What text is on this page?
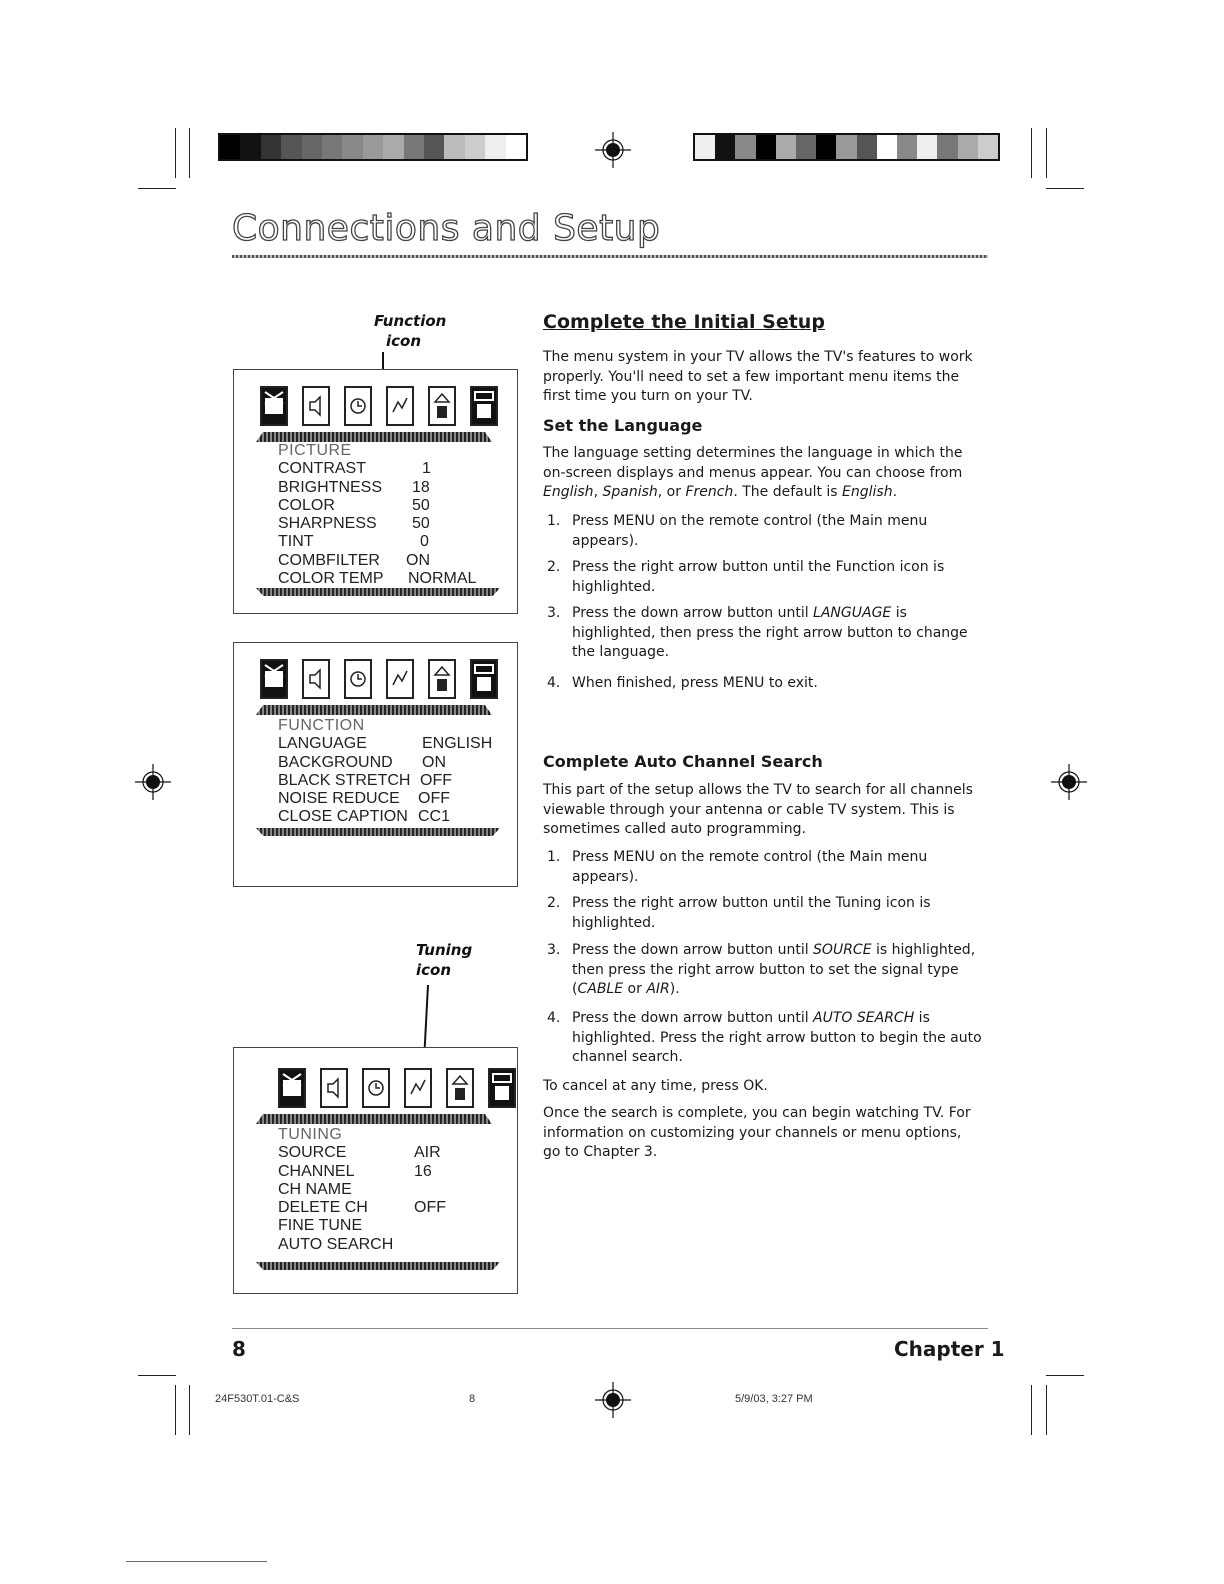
Connections and Setup
Function
icon
PICTURE
CONTRAST	1
BRIGHTNESS 18
COLOR	50
SHARPNESS 50
TINT	0
COMBFILTER ON
COLOR TEMP NORMAL
FUNCTION
LANGUAGE	ENGLISH
BACKGROUND ON
BLACK STRETCH OFF
NOISE REDUCE OFF
CLOSE CAPTION CC1
Tuning
icon
TUNING
SOURCE	AIR
CHANNEL	16
CH NAME
DELETE CH	OFF
FINE TUNE
AUTO SEARCH
Complete the Initial Setup
The menu system in your TV allows the TV's features to work properly. You'll need to set a few important menu items the first time you turn on your TV.
Set the Language
The language setting determines the language in which the on-screen displays and menus appear. You can choose from English, Spanish, or French. The default is English.
1. Press MENU on the remote control (the Main menu appears).
2. Press the right arrow button until the Function icon is highlighted.
3. Press the down arrow button until LANGUAGE is highlighted, then press the right arrow button to change the language.
4. When finished, press MENU to exit.
Complete Auto Channel Search
This part of the setup allows the TV to search for all channels viewable through your antenna or cable TV system. This is sometimes called auto programming.
1. Press MENU on the remote control (the Main menu appears).
2. Press the right arrow button until the Tuning icon is highlighted.
3. Press the down arrow button until SOURCE is highlighted, then press the right arrow button to set the signal type (CABLE or AIR).
4. Press the down arrow button until AUTO SEARCH is highlighted. Press the right arrow button to begin the auto channel search.
To cancel at any time, press OK.
Once the search is complete, you can begin watching TV. For information on customizing your channels or menu options, go to Chapter 3.
8	Chapter 1
24F530T.01-C&S	8	5/9/03, 3:27 PM
